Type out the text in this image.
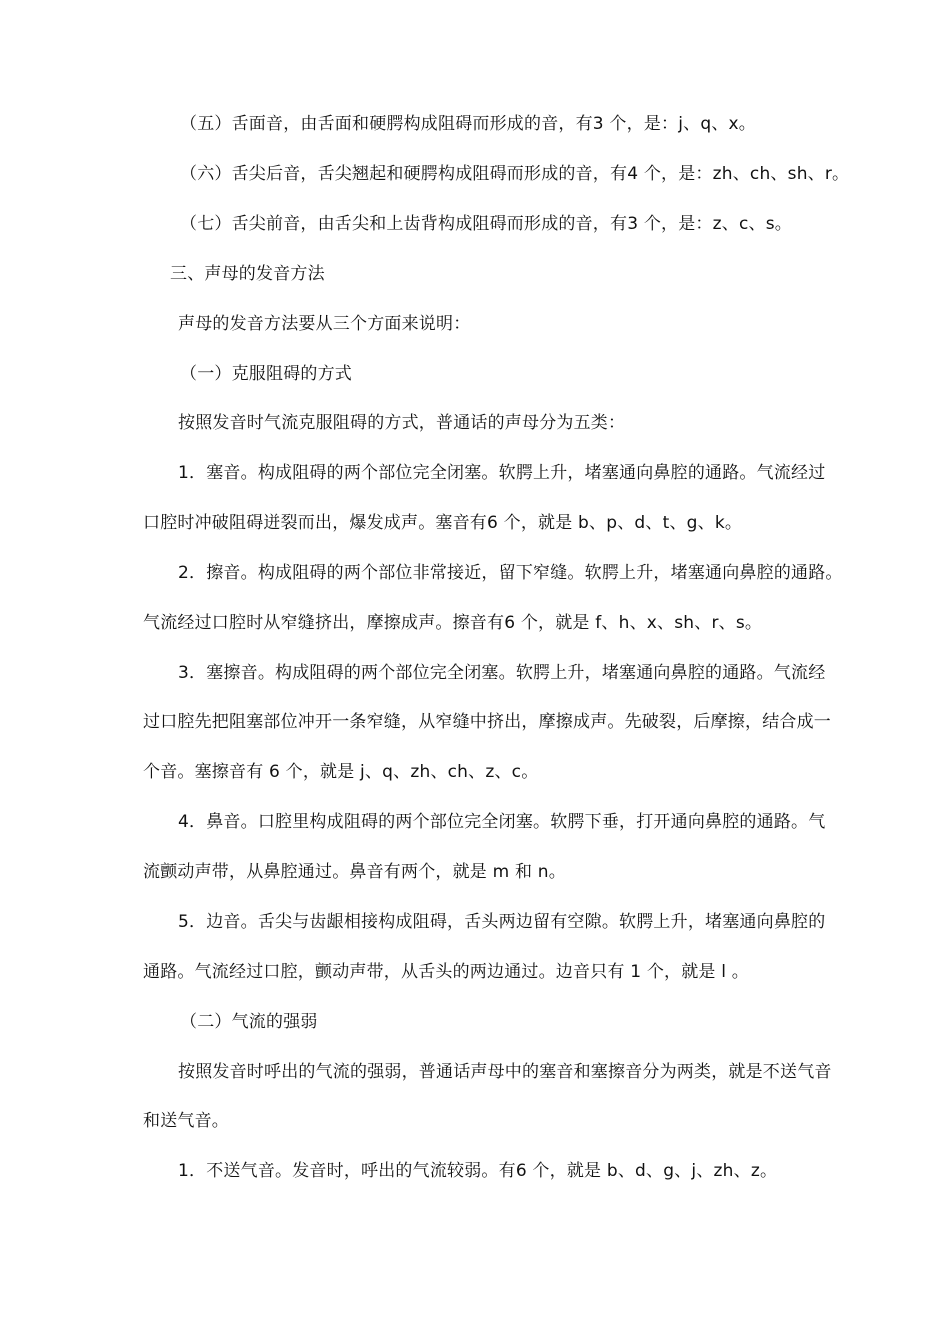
（五）舌面音，由舌面和硬腭构成阻碍而形成的音，有3 个，是：j、q、x。
（六）舌尖后音，舌尖翘起和硬腭构成阻碍而形成的音，有4 个，是：zh、ch、sh、r。
（七）舌尖前音，由舌尖和上齿背构成阻碍而形成的音，有3 个，是：z、c、s。
三、声母的发音方法
声母的发音方法要从三个方面来说明：
（一）克服阻碍的方式
按照发音时气流克服阻碍的方式，普通话的声母分为五类：
1．塞音。构成阻碍的两个部位完全闭塞。软腭上升，堵塞通向鼻腔的通路。气流经过
口腔时冲破阻碍迸裂而出，爆发成声。塞音有6 个，就是 b、p、d、t、g、k。
2．擦音。构成阻碍的两个部位非常接近，留下窄缝。软腭上升，堵塞通向鼻腔的通路。
气流经过口腔时从窄缝挤出，摩擦成声。擦音有6 个，就是 f、h、x、sh、r、s。
3．塞擦音。构成阻碍的两个部位完全闭塞。软腭上升，堵塞通向鼻腔的通路。气流经
过口腔先把阻塞部位冲开一条窄缝，从窄缝中挤出，摩擦成声。先破裂，后摩擦，结合成一
个音。塞擦音有 6 个，就是 j、q、zh、ch、z、c。
4．鼻音。口腔里构成阻碍的两个部位完全闭塞。软腭下垂，打开通向鼻腔的通路。气
流颤动声带，从鼻腔通过。鼻音有两个，就是 m 和 n。
5．边音。舌尖与齿龈相接构成阻碍，舌头两边留有空隙。软腭上升，堵塞通向鼻腔的
通路。气流经过口腔，颤动声带，从舌头的两边通过。边音只有 1 个，就是 l 。
（二）气流的强弱
按照发音时呼出的气流的强弱，普通话声母中的塞音和塞擦音分为两类，就是不送气音
和送气音。
1．不送气音。发音时，呼出的气流较弱。有6 个，就是 b、d、g、j、zh、z。
